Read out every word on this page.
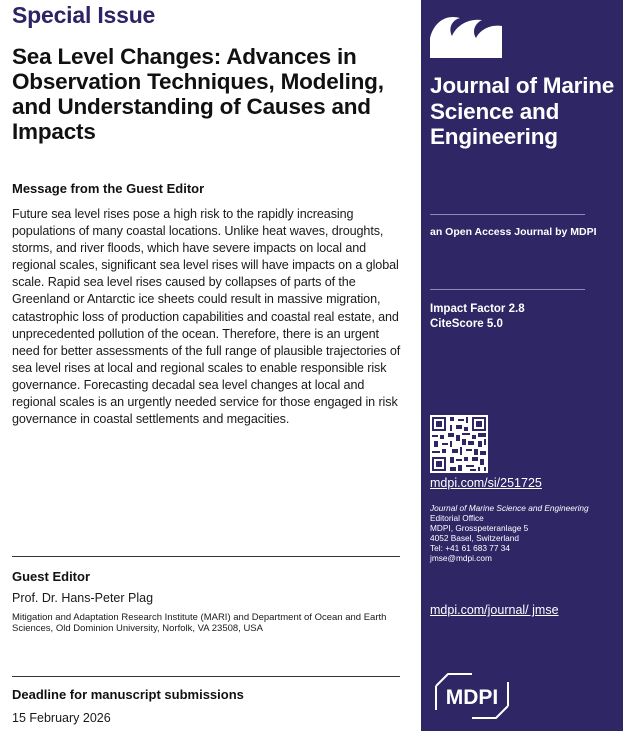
Special Issue
Sea Level Changes: Advances in Observation Techniques, Modeling, and Understanding of Causes and Impacts
Message from the Guest Editor
Future sea level rises pose a high risk to the rapidly increasing populations of many coastal locations. Unlike heat waves, droughts, storms, and river floods, which have severe impacts on local and regional scales, significant sea level rises will have impacts on a global scale. Rapid sea level rises caused by collapses of parts of the Greenland or Antarctic ice sheets could result in massive migration, catastrophic loss of production capabilities and coastal real estate, and unprecedented pollution of the ocean. Therefore, there is an urgent need for better assessments of the full range of plausible trajectories of sea level rises at local and regional scales to enable responsible risk governance. Forecasting decadal sea level changes at local and regional scales is an urgently needed service for those engaged in risk governance in coastal settlements and megacities.
Guest Editor
Prof. Dr. Hans-Peter Plag
Mitigation and Adaptation Research Institute (MARI) and Department of Ocean and Earth Sciences, Old Dominion University, Norfolk, VA 23508, USA
Deadline for manuscript submissions
15 February 2026
Journal of Marine Science and Engineering
an Open Access Journal by MDPI
Impact Factor 2.8
CiteScore 5.0
mdpi.com/si/251725
Journal of Marine Science and Engineering
Editorial Office
MDPI, Grosspeteranlage 5
4052 Basel, Switzerland
Tel: +41 61 683 77 34
jmse@mdpi.com
mdpi.com/journal/ jmse
MDPI
